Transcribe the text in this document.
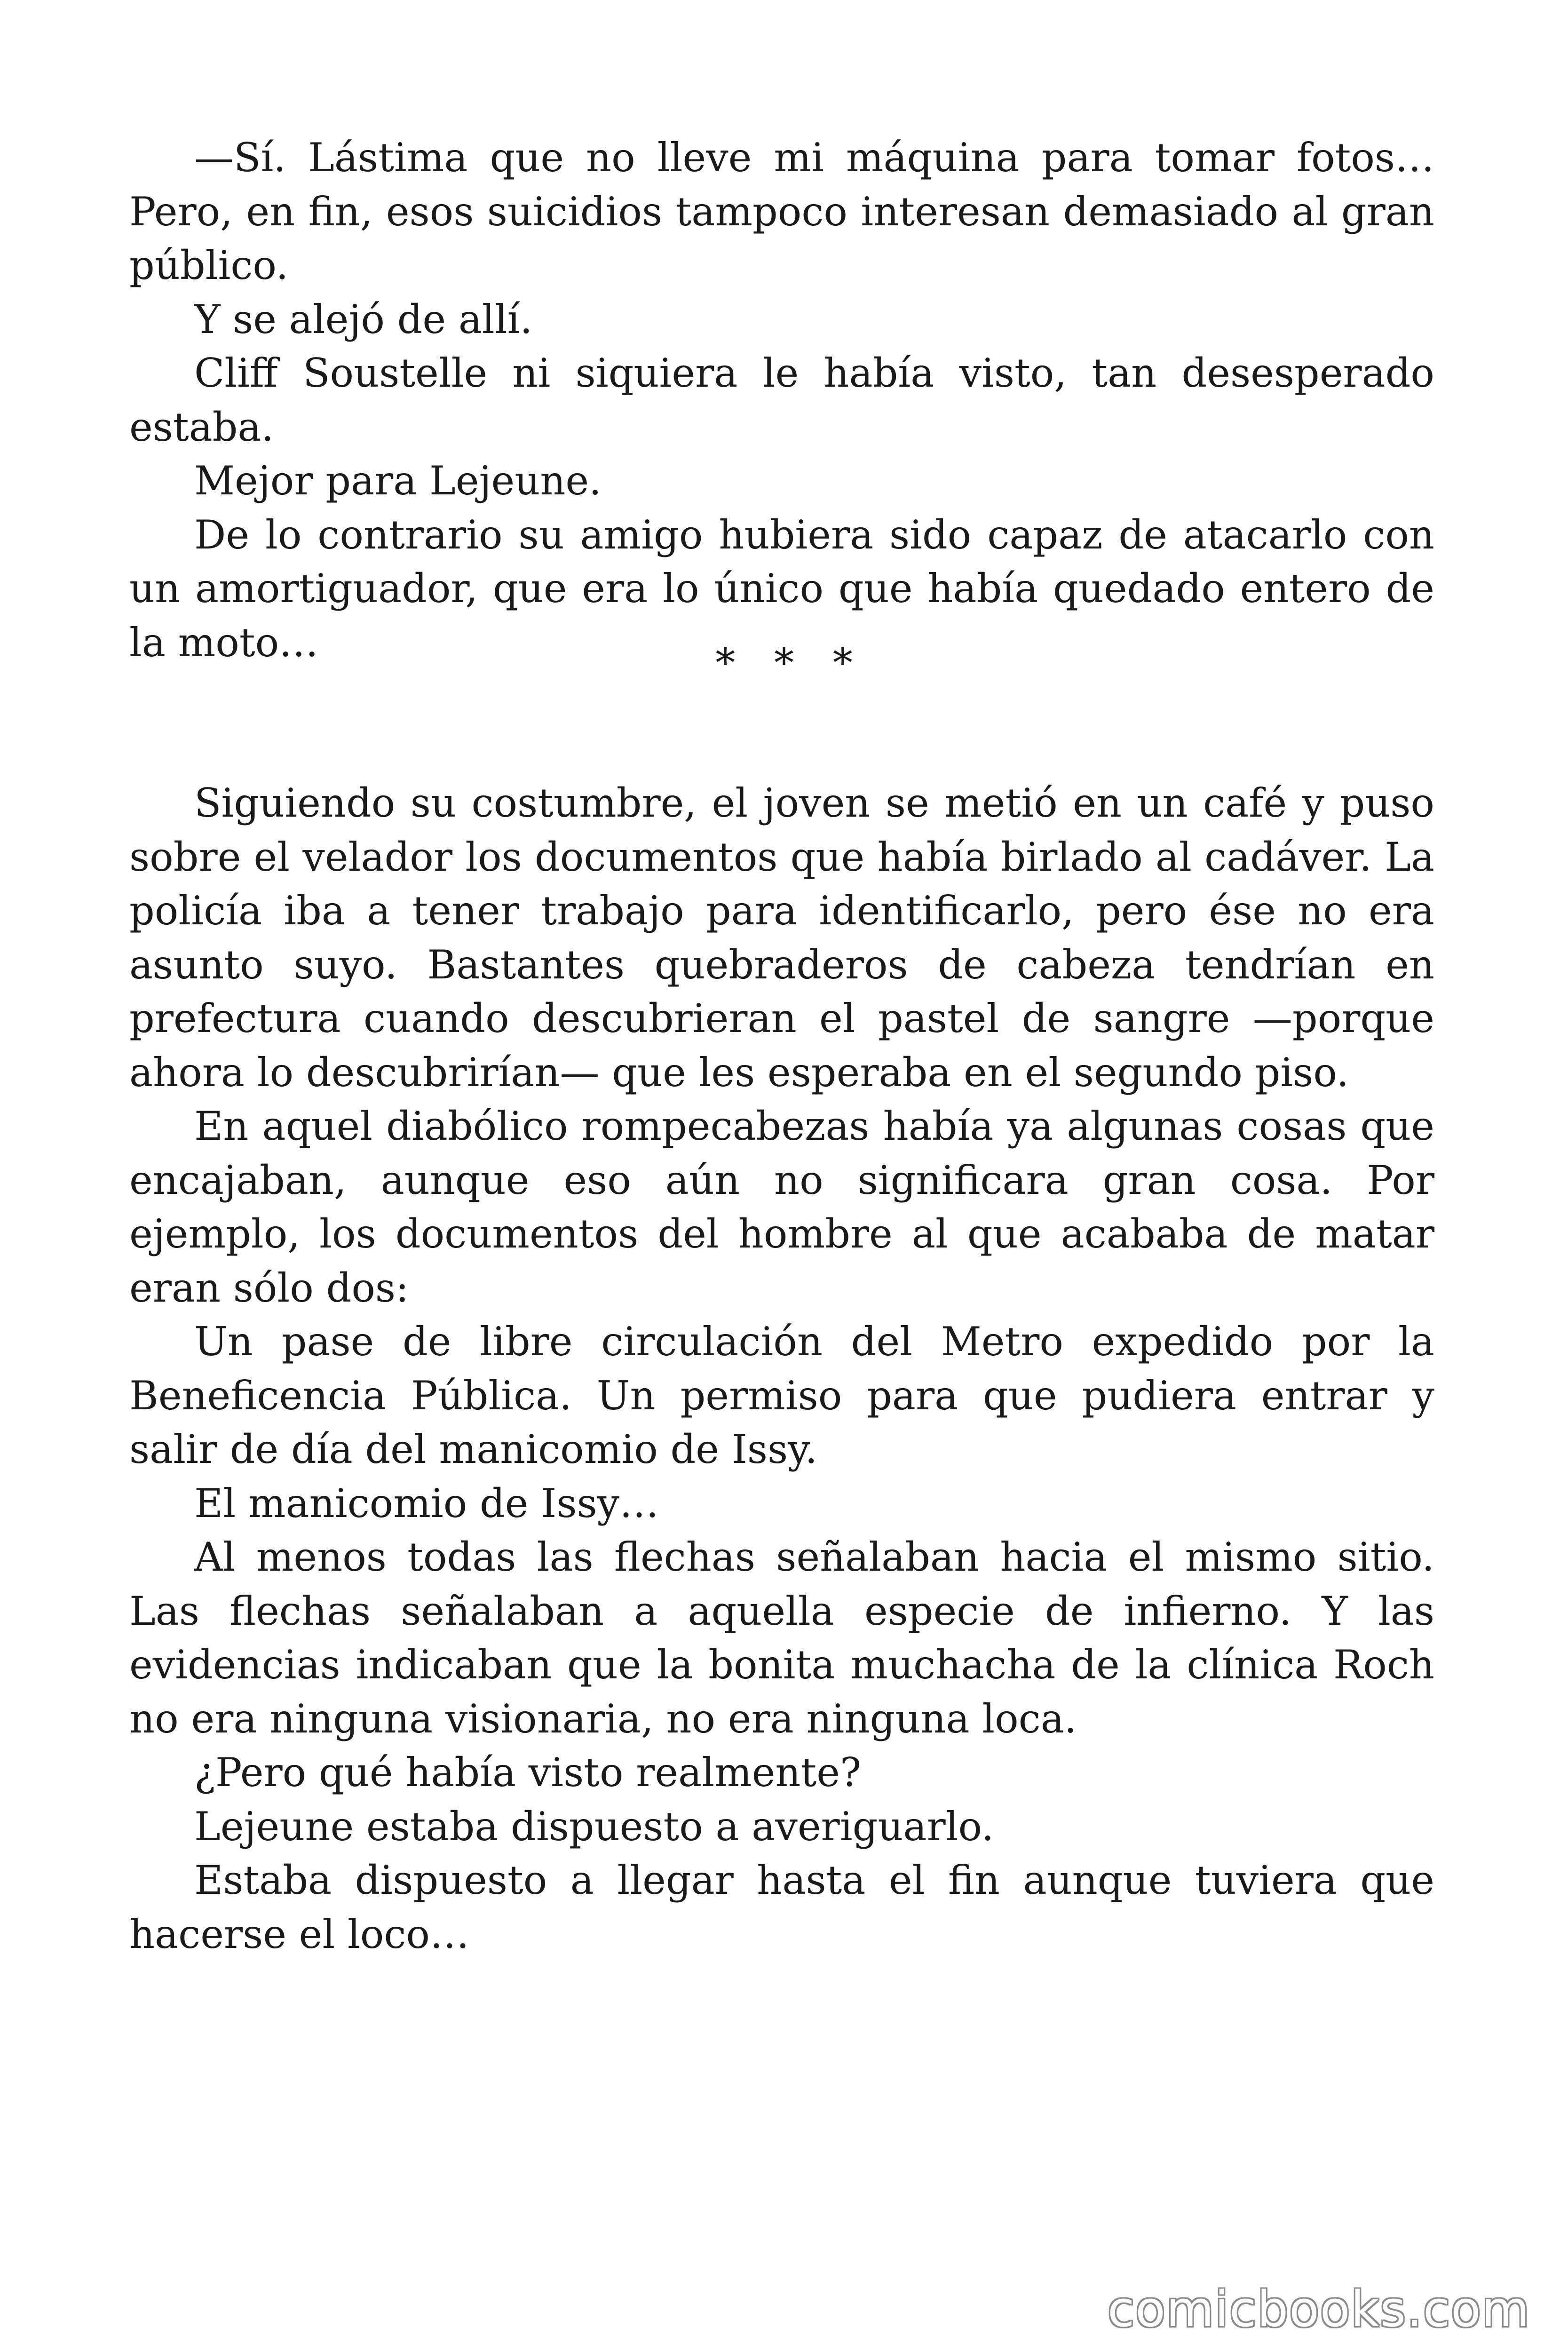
—Sí. Lástima que no lleve mi máquina para tomar fotos… Pero, en fin, esos suicidios tampoco interesan demasiado al gran público.

Y se alejó de allí.

Cliff Soustelle ni siquiera le había visto, tan desesperado estaba.

Mejor para Lejeune.

De lo contrario su amigo hubiera sido capaz de atacarlo con un amortiguador, que era lo único que había quedado entero de la moto…	* * *

Siguiendo su costumbre, el joven se metió en un café y puso sobre el velador los documentos que había birlado al cadáver. La policía iba a tener trabajo para identificarlo, pero ése no era asunto suyo. Bastantes quebraderos de cabeza tendrían en prefectura cuando descubrieran el pastel de sangre —porque ahora lo descubrirían— que les esperaba en el segundo piso.

En aquel diabólico rompecabezas había ya algunas cosas que encajaban, aunque eso aún no significara gran cosa. Por ejemplo, los documentos del hombre al que acababa de matar eran sólo dos:

Un pase de libre circulación del Metro expedido por la Beneficencia Pública. Un permiso para que pudiera entrar y salir de día del manicomio de Issy.

El manicomio de Issy…

Al menos todas las flechas señalaban hacia el mismo sitio. Las flechas señalaban a aquella especie de infierno. Y las evidencias indicaban que la bonita muchacha de la clínica Roch no era ninguna visionaria, no era ninguna loca.

¿Pero qué había visto realmente?

Lejeune estaba dispuesto a averiguarlo.

Estaba dispuesto a llegar hasta el fin aunque tuviera que hacerse el loco…

comicbooks.com
